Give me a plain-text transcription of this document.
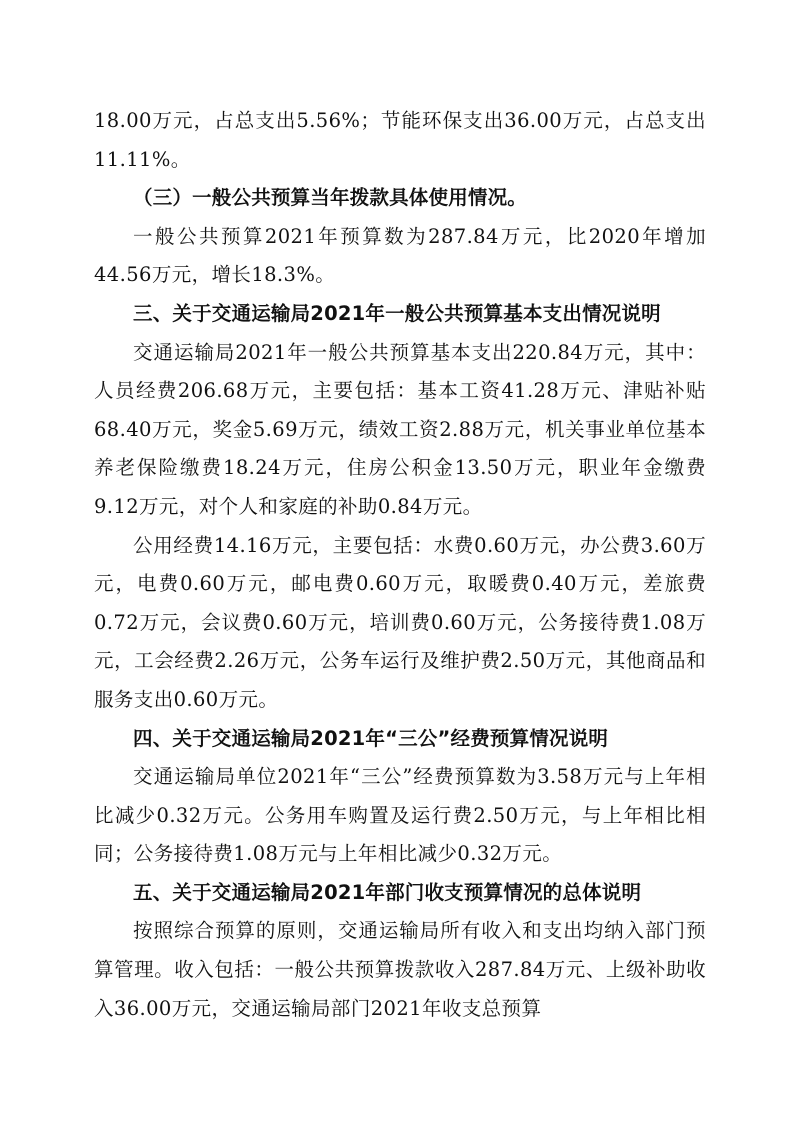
18.00万元，占总支出5.56%；节能环保支出36.00万元，占总支出11.11%。

（三）一般公共预算当年拨款具体使用情况。

一般公共预算2021年预算数为287.84万元，比2020年增加44.56万元，增长18.3%。

三、关于交通运输局2021年一般公共预算基本支出情况说明

交通运输局2021年一般公共预算基本支出220.84万元，其中：人员经费206.68万元，主要包括：基本工资41.28万元、津贴补贴68.40万元，奖金5.69万元，绩效工资2.88万元，机关事业单位基本养老保险缴费18.24万元，住房公积金13.50万元，职业年金缴费9.12万元，对个人和家庭的补助0.84万元。

公用经费14.16万元，主要包括：水费0.60万元，办公费3.60万元，电费0.60万元，邮电费0.60万元，取暖费0.40万元，差旅费0.72万元，会议费0.60万元，培训费0.60万元，公务接待费1.08万元，工会经费2.26万元，公务车运行及维护费2.50万元，其他商品和服务支出0.60万元。

四、关于交通运输局2021年“三公”经费预算情况说明

交通运输局单位2021年“三公”经费预算数为3.58万元与上年相比减少0.32万元。公务用车购置及运行费2.50万元，与上年相比相同；公务接待费1.08万元与上年相比减少0.32万元。

五、关于交通运输局2021年部门收支预算情况的总体说明

按照综合预算的原则，交通运输局所有收入和支出均纳入部门预算管理。收入包括：一般公共预算拨款收入287.84万元、上级补助收入36.00万元，交通运输局部门2021年收支总预算
